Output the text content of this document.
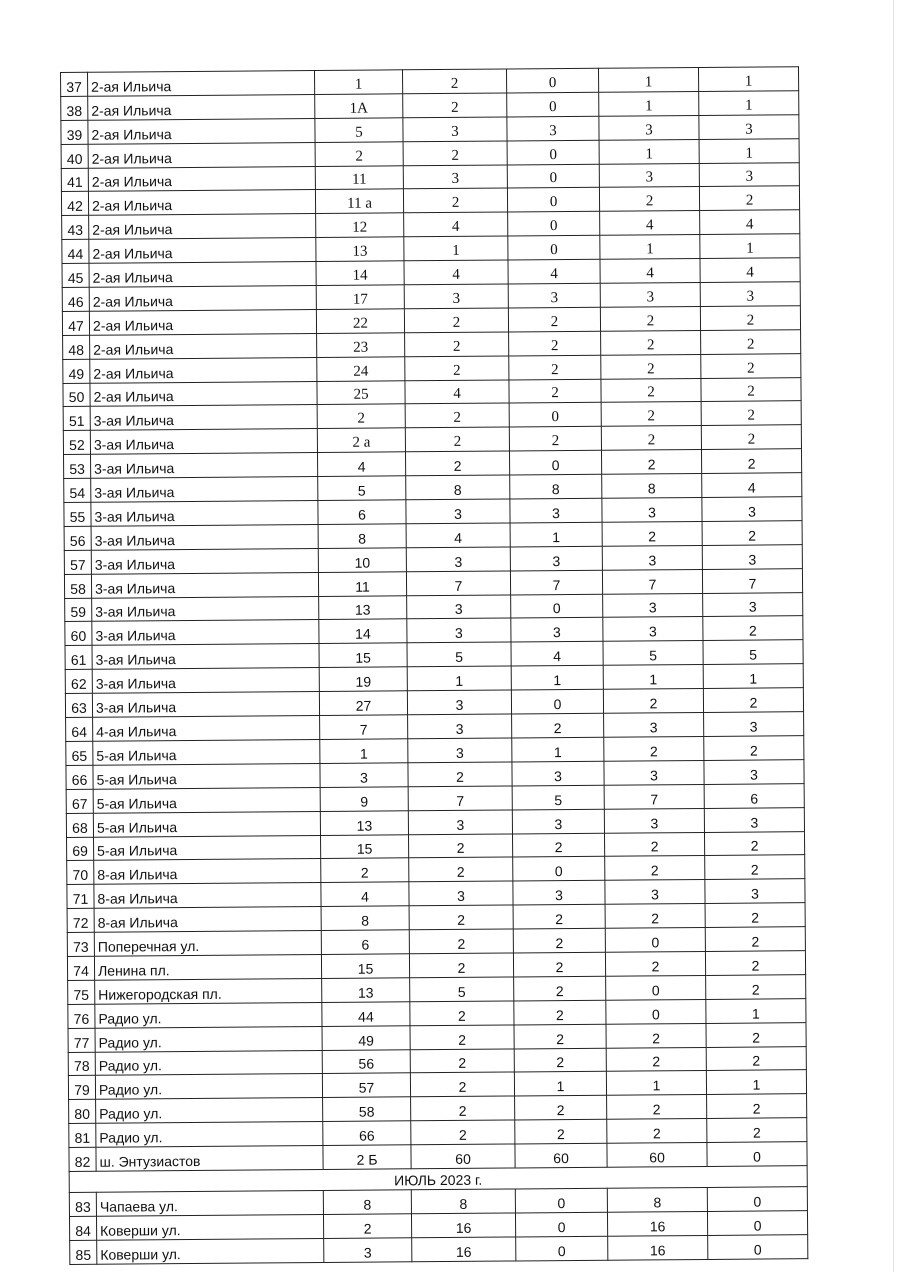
37	2-ая Ильича	1	2	0	1	1
38	2-ая Ильича	1А	2	0	1	1
39	2-ая Ильича	5	3	3	3	3
40	2-ая Ильича	2	2	0	1	1
41	2-ая Ильича	11	3	0	3	3
42	2-ая Ильича	11 а	2	0	2	2
43	2-ая Ильича	12	4	0	4	4
44	2-ая Ильича	13	1	0	1	1
45	2-ая Ильича	14	4	4	4	4
46	2-ая Ильича	17	3	3	3	3
47	2-ая Ильича	22	2	2	2	2
48	2-ая Ильича	23	2	2	2	2
49	2-ая Ильича	24	2	2	2	2
50	2-ая Ильича	25	4	2	2	2
51	3-ая Ильича	2	2	0	2	2
52	3-ая Ильича	2 а	2	2	2	2
53	3-ая Ильича	4	2	0	2	2
54	3-ая Ильича	5	8	8	8	4
55	3-ая Ильича	6	3	3	3	3
56	3-ая Ильича	8	4	1	2	2
57	3-ая Ильича	10	3	3	3	3
58	3-ая Ильича	11	7	7	7	7
59	3-ая Ильича	13	3	0	3	3
60	3-ая Ильича	14	3	3	3	2
61	3-ая Ильича	15	5	4	5	5
62	3-ая Ильича	19	1	1	1	1
63	3-ая Ильича	27	3	0	2	2
64	4-ая Ильича	7	3	2	3	3
65	5-ая Ильича	1	3	1	2	2
66	5-ая Ильича	3	2	3	3	3
67	5-ая Ильича	9	7	5	7	6
68	5-ая Ильича	13	3	3	3	3
69	5-ая Ильича	15	2	2	2	2
70	8-ая Ильича	2	2	0	2	2
71	8-ая Ильича	4	3	3	3	3
72	8-ая Ильича	8	2	2	2	2
73	Поперечная ул.	6	2	2	0	2
74	Ленина пл.	15	2	2	2	2
75	Нижегородская пл.	13	5	2	0	2
76	Радио ул.	44	2	2	0	1
77	Радио ул.	49	2	2	2	2
78	Радио ул.	56	2	2	2	2
79	Радио ул.	57	2	1	1	1
80	Радио ул.	58	2	2	2	2
81	Радио ул.	66	2	2	2	2
82	ш. Энтузиастов	2 Б	60	60	60	0
ИЮЛЬ 2023 г.						
83	Чапаева ул.	8	8	0	8	0
84	Коверши ул.	2	16	0	16	0
85	Коверши ул.	3	16	0	16	0
